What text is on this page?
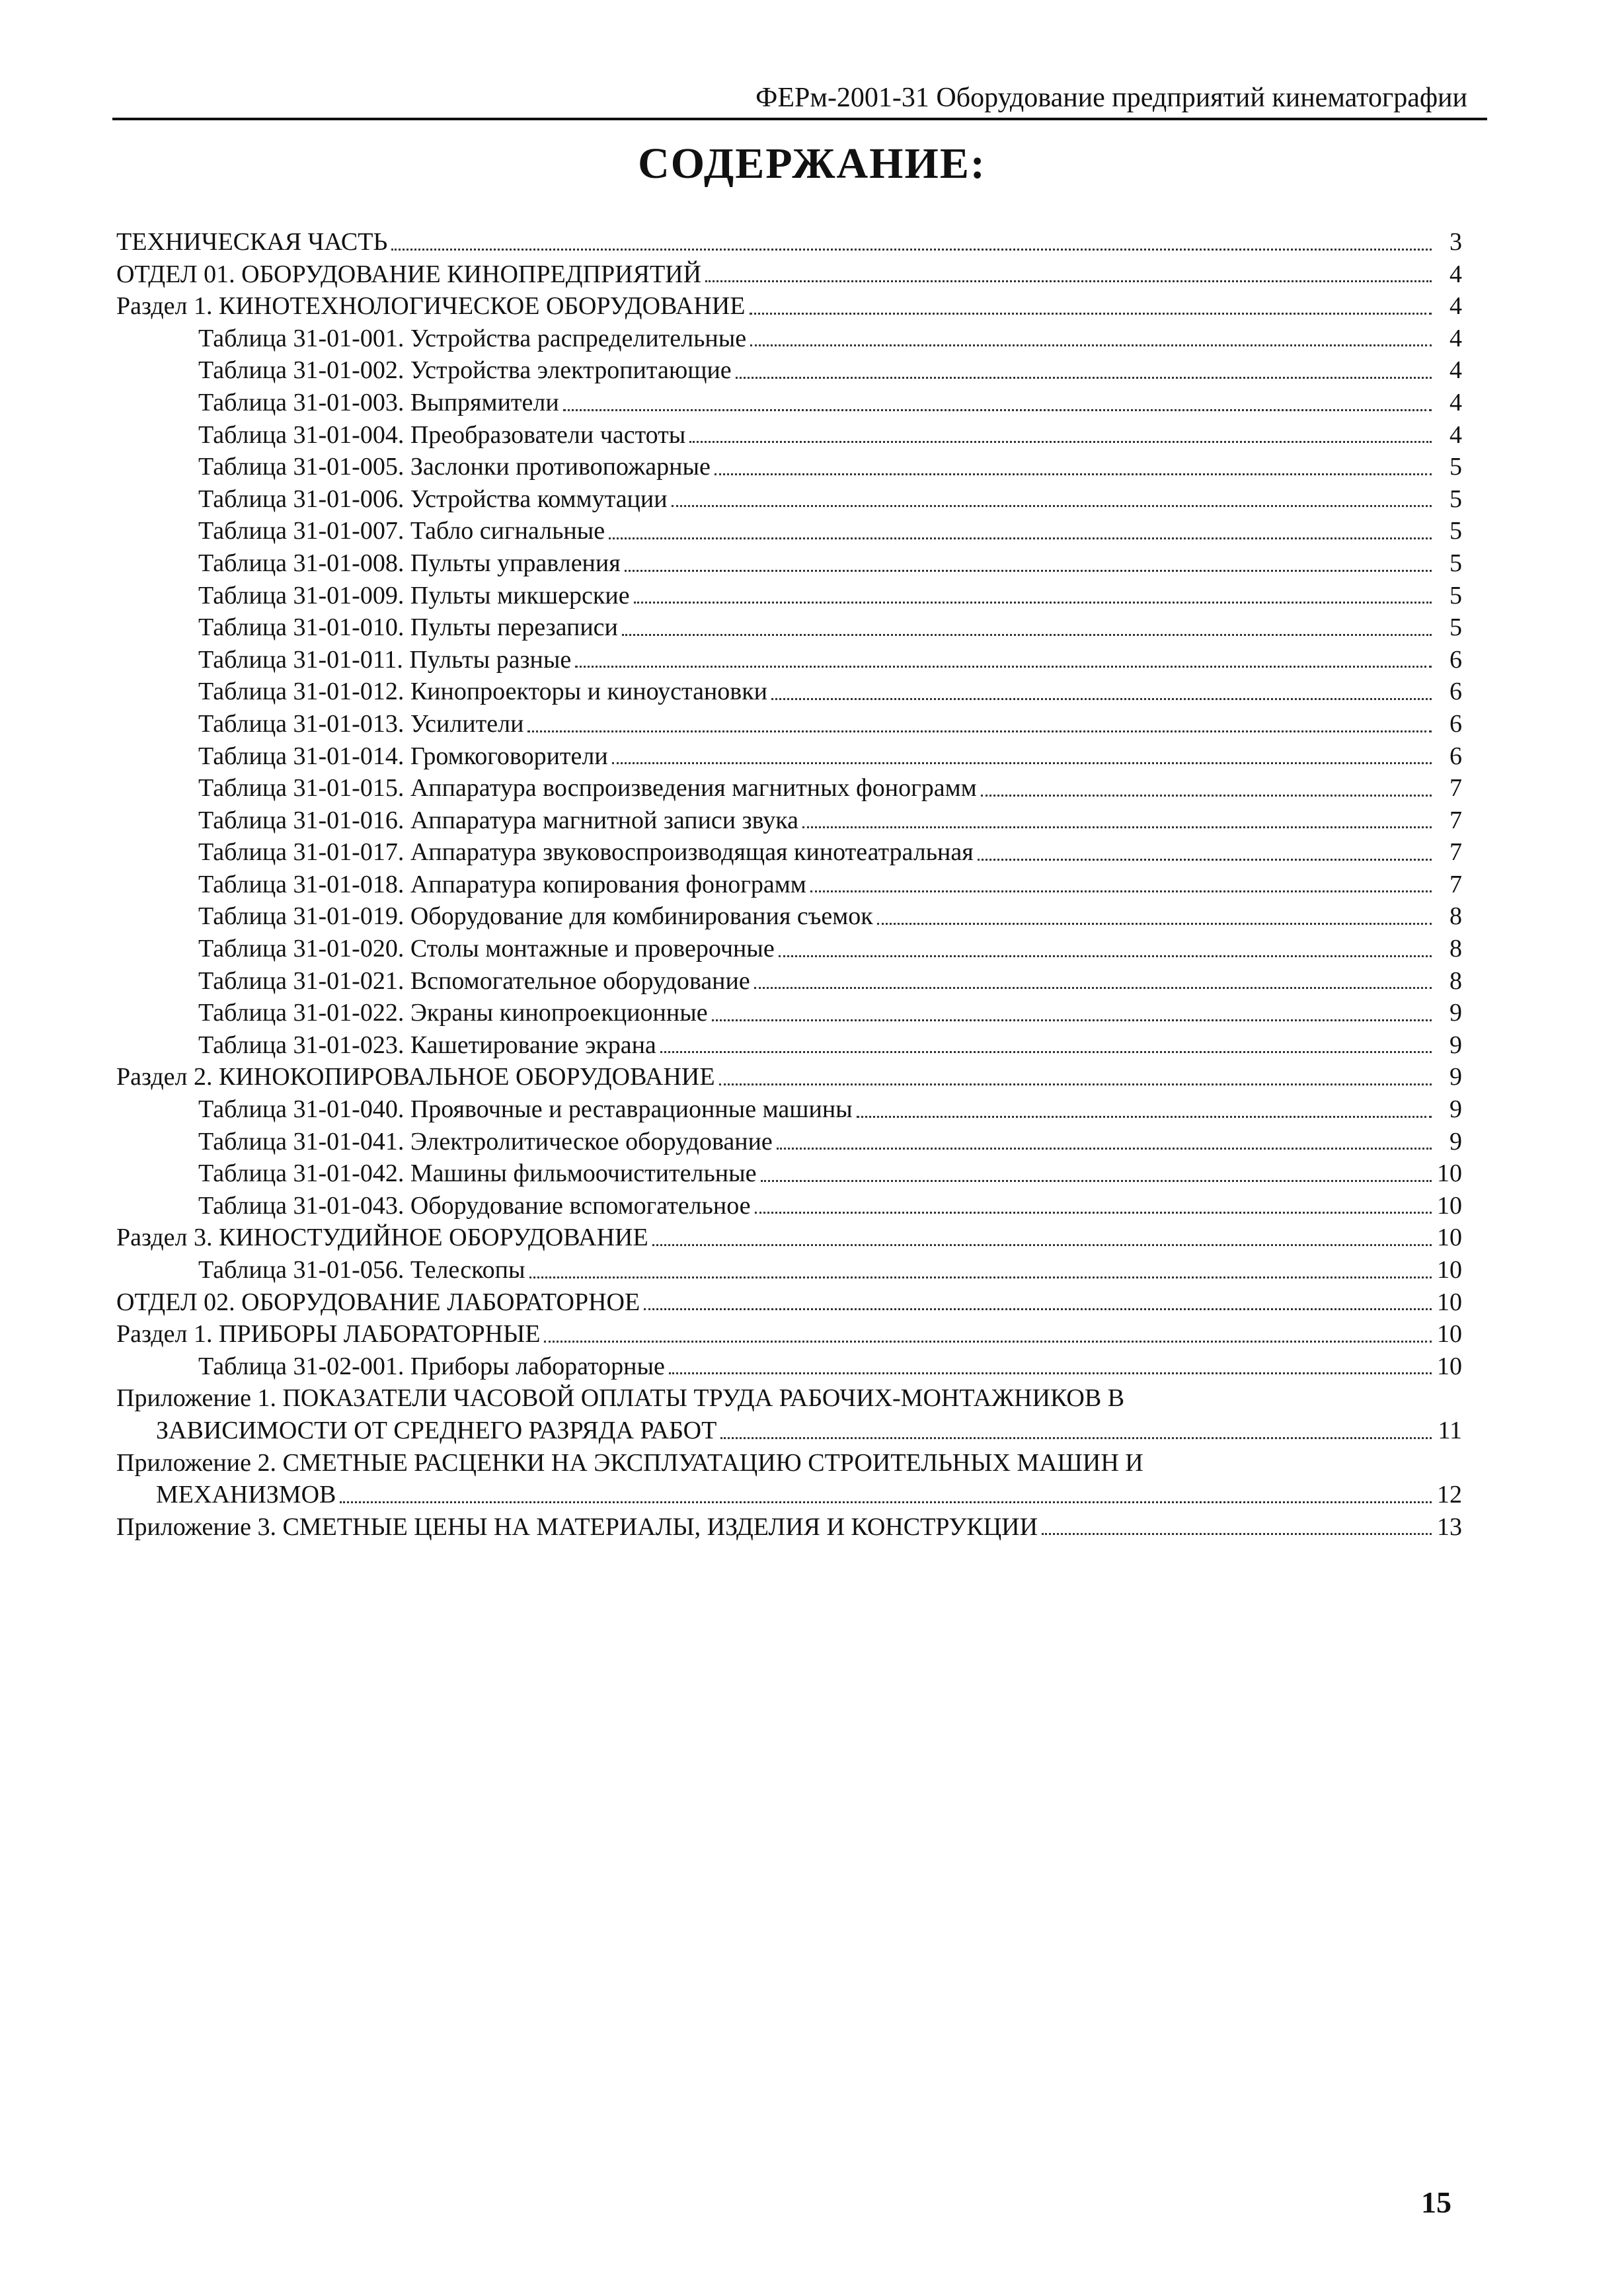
ФЕРм-2001-31 Оборудование предприятий кинематографии
СОДЕРЖАНИЕ:
ТЕХНИЧЕСКАЯ ЧАСТЬ	3
ОТДЕЛ 01. ОБОРУДОВАНИЕ КИНОПРЕДПРИЯТИЙ	4
Раздел 1. КИНОТЕХНОЛОГИЧЕСКОЕ ОБОРУДОВАНИЕ	4
Таблица 31-01-001. Устройства распределительные	4
Таблица 31-01-002. Устройства электропитающие	4
Таблица 31-01-003. Выпрямители	4
Таблица 31-01-004. Преобразователи частоты	4
Таблица 31-01-005. Заслонки противопожарные	5
Таблица 31-01-006. Устройства коммутации	5
Таблица 31-01-007. Табло сигнальные	5
Таблица 31-01-008. Пульты управления	5
Таблица 31-01-009. Пульты микшерские	5
Таблица 31-01-010. Пульты перезаписи	5
Таблица 31-01-011. Пульты разные	6
Таблица 31-01-012. Кинопроекторы и киноустановки	6
Таблица 31-01-013. Усилители	6
Таблица 31-01-014. Громкоговорители	6
Таблица 31-01-015. Аппаратура воспроизведения магнитных фонограмм	7
Таблица 31-01-016. Аппаратура магнитной записи звука	7
Таблица 31-01-017. Аппаратура звуковоспроизводящая кинотеатральная	7
Таблица 31-01-018. Аппаратура копирования фонограмм	7
Таблица 31-01-019. Оборудование для комбинирования съемок	8
Таблица 31-01-020. Столы монтажные и проверочные	8
Таблица 31-01-021. Вспомогательное оборудование	8
Таблица 31-01-022. Экраны кинопроекционные	9
Таблица 31-01-023. Кашетирование экрана	9
Раздел 2. КИНОКОПИРОВАЛЬНОЕ ОБОРУДОВАНИЕ	9
Таблица 31-01-040. Проявочные и реставрационные машины	9
Таблица 31-01-041. Электролитическое оборудование	9
Таблица 31-01-042. Машины фильмоочистительные	10
Таблица 31-01-043. Оборудование вспомогательное	10
Раздел 3. КИНОСТУДИЙНОЕ ОБОРУДОВАНИЕ	10
Таблица 31-01-056. Телескопы	10
ОТДЕЛ 02. ОБОРУДОВАНИЕ ЛАБОРАТОРНОЕ	10
Раздел 1. ПРИБОРЫ ЛАБОРАТОРНЫЕ	10
Таблица 31-02-001. Приборы лабораторные	10
Приложение 1. ПОКАЗАТЕЛИ ЧАСОВОЙ ОПЛАТЫ ТРУДА РАБОЧИХ-МОНТАЖНИКОВ В
ЗАВИСИМОСТИ ОТ СРЕДНЕГО РАЗРЯДА РАБОТ	11
Приложение 2. СМЕТНЫЕ РАСЦЕНКИ НА ЭКСПЛУАТАЦИЮ СТРОИТЕЛЬНЫХ МАШИН И
МЕХАНИЗМОВ	12
Приложение 3. СМЕТНЫЕ ЦЕНЫ НА МАТЕРИАЛЫ, ИЗДЕЛИЯ И КОНСТРУКЦИИ	13
15
